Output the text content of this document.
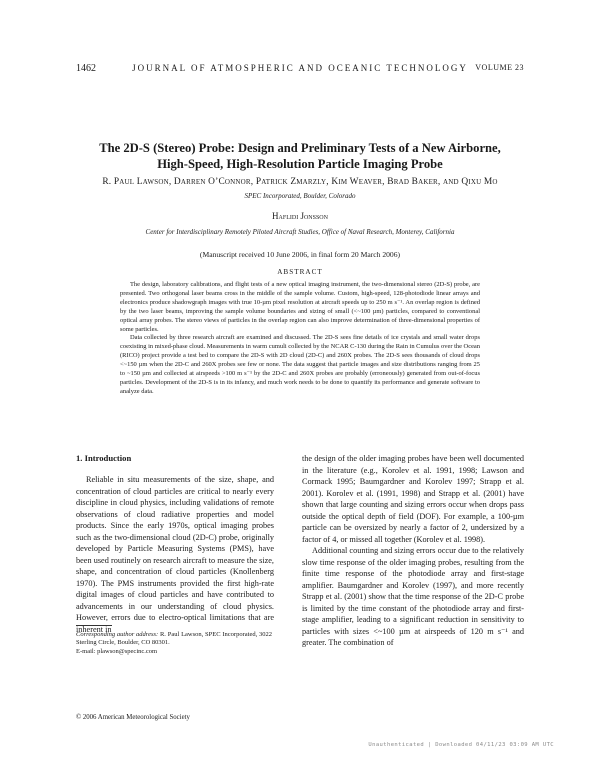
1462	JOURNAL OF ATMOSPHERIC AND OCEANIC TECHNOLOGY VOLUME 23
The 2D-S (Stereo) Probe: Design and Preliminary Tests of a New Airborne,
High-Speed, High-Resolution Particle Imaging Probe
R. Paul Lawson, Darren O’Connor, Patrick Zmarzly, Kim Weaver, Brad Baker, and Qixu Mo
SPEC Incorporated, Boulder, Colorado
Haflidi Jonsson
Center for Interdisciplinary Remotely Piloted Aircraft Studies, Office of Naval Research, Monterey, California
(Manuscript received 10 June 2006, in final form 20 March 2006)
ABSTRACT

The design, laboratory calibrations, and flight tests of a new optical imaging instrument, the two-dimensional stereo (2D-S) probe, are presented. Two orthogonal laser beams cross in the middle of the sample volume. Custom, high-speed, 128-photodiode linear arrays and electronics produce shadowgraph images with true 10-µm pixel resolution at aircraft speeds up to 250 m s⁻¹. An overlap region is defined by the two laser beams, improving the sample volume boundaries and sizing of small (<~100 µm) particles, compared to conventional optical array probes. The stereo views of particles in the overlap region can also improve determination of three-dimensional properties of some particles.

Data collected by three research aircraft are examined and discussed. The 2D-S sees fine details of ice crystals and small water drops coexisting in mixed-phase cloud. Measurements in warm cumuli collected by the NCAR C-130 during the Rain in Cumulus over the Ocean (RICO) project provide a test bed to compare the 2D-S with 2D cloud (2D-C) and 260X probes. The 2D-S sees thousands of cloud drops <~150 µm when the 2D-C and 260X probes see few or none. The data suggest that particle images and size distributions ranging from 25 to ~150 µm and collected at airspeeds >100 m s⁻¹ by the 2D-C and 260X probes are probably (erroneously) generated from out-of-focus particles. Development of the 2D-S is in its infancy, and much work needs to be done to quantify its performance and generate software to analyze data.

1. Introduction

Reliable in situ measurements of the size, shape, and concentration of cloud particles are critical to nearly every discipline in cloud physics, including validations of remote observations of cloud radiative properties and model products. Since the early 1970s, optical imaging probes such as the two-dimensional cloud (2D-C) probe, originally developed by Particle Measuring Systems (PMS), have been used routinely on research aircraft to measure the size, shape, and concentration of cloud particles (Knollenberg 1970). The PMS instruments provided the first high-rate digital images of cloud particles and have contributed to advancements in our understanding of cloud physics. However, errors due to electro-optical limitations that are inherent in

the design of the older imaging probes have been well documented in the literature (e.g., Korolev et al. 1991, 1998; Lawson and Cormack 1995; Baumgardner and Korolev 1997; Strapp et al. 2001). Korolev et al. (1991, 1998) and Strapp et al. (2001) have shown that large counting and sizing errors occur when drops pass outside the optical depth of field (DOF). For example, a 100-µm particle can be oversized by nearly a factor of 2, undersized by a factor of 4, or missed all together (Korolev et al. 1998).

Additional counting and sizing errors occur due to the relatively slow time response of the older imaging probes, resulting from the finite time response of the photodiode array and first-stage amplifier. Baumgardner and Korolev (1997), and more recently Strapp et al. (2001) show that the time response of the 2D-C probe is limited by the time constant of the photodiode array and first-stage amplifier, leading to a significant reduction in sensitivity to particles with sizes <~100 µm at airspeeds of 120 m s⁻¹ and greater. The combination of

Corresponding author address: R. Paul Lawson, SPEC Incorporated, 3022 Sterling Circle, Boulder, CO 80301.
E-mail: plawson@specinc.com
© 2006 American Meteorological Society
Unauthenticated | Downloaded 04/11/23 03:09 AM UTC
